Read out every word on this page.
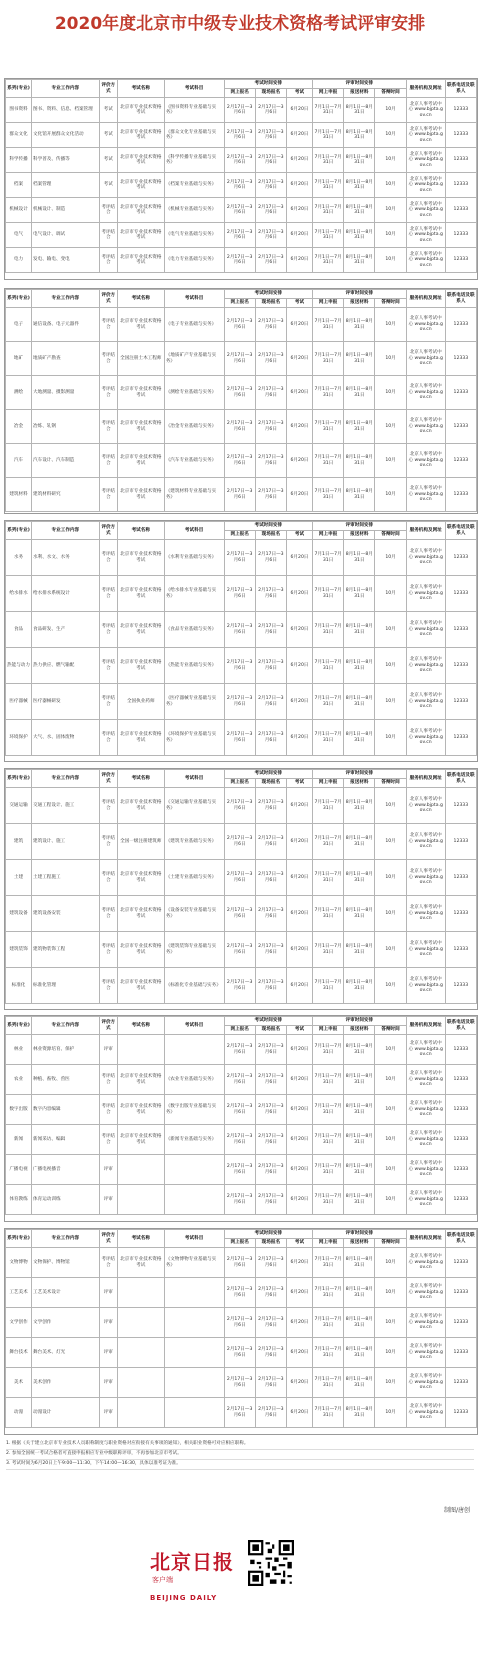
2020年度北京市中级专业技术资格考试评审安排
系列(专业)	专业工作内容	评价方式	考试名称	考试科目	考试时间安排			评审时间安排			服务机构及网址	联系电话及联系人
					网上报名	现场报名	考试	网上申报	报送材料	答辩时间		
图书资料	图书、资料、信息、档案管理	考试	北京市专业技术资格考试	《图书资料专业基础与实务》	2月17日—3月6日	2月17日—3月6日	6月20日	7月1日—7月31日	8月1日—8月31日	10月	北京人事考试中心 www.bjpta.gov.cn	12333
群众文化	文化馆开展群众文化活动	考试	北京市专业技术资格考试	《群众文化专业基础与实务》	2月17日—3月6日	2月17日—3月6日	6月20日	7月1日—7月31日	8月1日—8月31日	10月	北京人事考试中心 www.bjpta.gov.cn	12333
科学传播	科学普及、传播等	考试	北京市专业技术资格考试	《科学传播专业基础与实务》	2月17日—3月6日	2月17日—3月6日	6月20日	7月1日—7月31日	8月1日—8月31日	10月	北京人事考试中心 www.bjpta.gov.cn	12333
档案	档案管理	考试	北京市专业技术资格考试	《档案专业基础与实务》	2月17日—3月6日	2月17日—3月6日	6月20日	7月1日—7月31日	8月1日—8月31日	10月	北京人事考试中心 www.bjpta.gov.cn	12333
机械设计	机械设计、制造	考评结合	北京市专业技术资格考试	《机械专业基础与实务》	2月17日—3月6日	2月17日—3月6日	6月20日	7月1日—7月31日	8月1日—8月31日	10月	北京人事考试中心 www.bjpta.gov.cn	12333
电气	电气设计、调试	考评结合	北京市专业技术资格考试	《电气专业基础与实务》	2月17日—3月6日	2月17日—3月6日	6月20日	7月1日—7月31日	8月1日—8月31日	10月	北京人事考试中心 www.bjpta.gov.cn	12333
电力	发电、输电、变电	考评结合	北京市专业技术资格考试	《电力专业基础与实务》	2月17日—3月6日	2月17日—3月6日	6月20日	7月1日—7月31日	8月1日—8月31日	10月	北京人事考试中心 www.bjpta.gov.cn	12333
系列(专业)	专业工作内容	评价方式	考试名称	考试科目	考试时间安排			评审时间安排			服务机构及网址	联系电话及联系人
					网上报名	现场报名	考试	网上申报	报送材料	答辩时间		
电子	通信设备、电子元器件	考评结合	北京市专业技术资格考试	《电子专业基础与实务》	2月17日—3月6日	2月17日—3月6日	6月20日	7月1日—7月31日	8月1日—8月31日	10月	北京人事考试中心 www.bjpta.gov.cn	12333
地矿	地质矿产勘查	考评结合	全国注册土木工程师	《地质矿产专业基础与实务》	2月17日—3月6日	2月17日—3月6日	6月20日	7月1日—7月31日	8月1日—8月31日	10月	北京人事考试中心 www.bjpta.gov.cn	12333
测绘	大地测量、摄影测量	考评结合	北京市专业技术资格考试	《测绘专业基础与实务》	2月17日—3月6日	2月17日—3月6日	6月20日	7月1日—7月31日	8月1日—8月31日	10月	北京人事考试中心 www.bjpta.gov.cn	12333
冶金	冶炼、轧钢	考评结合	北京市专业技术资格考试	《冶金专业基础与实务》	2月17日—3月6日	2月17日—3月6日	6月20日	7月1日—7月31日	8月1日—8月31日	10月	北京人事考试中心 www.bjpta.gov.cn	12333
汽车	汽车设计、汽车制造	考评结合	北京市专业技术资格考试	《汽车专业基础与实务》	2月17日—3月6日	2月17日—3月6日	6月20日	7月1日—7月31日	8月1日—8月31日	10月	北京人事考试中心 www.bjpta.gov.cn	12333
建筑材料	建筑材料研究	考评结合	北京市专业技术资格考试	《建筑材料专业基础与实务》	2月17日—3月6日	2月17日—3月6日	6月20日	7月1日—7月31日	8月1日—8月31日	10月	北京人事考试中心 www.bjpta.gov.cn	12333
系列(专业)	专业工作内容	评价方式	考试名称	考试科目	考试时间安排			评审时间安排			服务机构及网址	联系电话及联系人
					网上报名	现场报名	考试	网上申报	报送材料	答辩时间		
水务	水利、水文、水务	考评结合	北京市专业技术资格考试	《水利专业基础与实务》	2月17日—3月6日	2月17日—3月6日	6月20日	7月1日—7月31日	8月1日—8月31日	10月	北京人事考试中心 www.bjpta.gov.cn	12333
给水排水	给水排水系统设计	考评结合	北京市专业技术资格考试	《给水排水专业基础与实务》	2月17日—3月6日	2月17日—3月6日	6月20日	7月1日—7月31日	8月1日—8月31日	10月	北京人事考试中心 www.bjpta.gov.cn	12333
食品	食品研发、生产	考评结合	北京市专业技术资格考试	《食品专业基础与实务》	2月17日—3月6日	2月17日—3月6日	6月20日	7月1日—7月31日	8月1日—8月31日	10月	北京人事考试中心 www.bjpta.gov.cn	12333
热能与动力	热力供应、燃气输配	考评结合	北京市专业技术资格考试	《热能专业基础与实务》	2月17日—3月6日	2月17日—3月6日	6月20日	7月1日—7月31日	8月1日—8月31日	10月	北京人事考试中心 www.bjpta.gov.cn	12333
医疗器械	医疗器械研发	考评结合	全国执业药师	《医疗器械专业基础与实务》	2月17日—3月6日	2月17日—3月6日	6月20日	7月1日—7月31日	8月1日—8月31日	10月	北京人事考试中心 www.bjpta.gov.cn	12333
环境保护	大气、水、固体废物	考评结合	北京市专业技术资格考试	《环境保护专业基础与实务》	2月17日—3月6日	2月17日—3月6日	6月20日	7月1日—7月31日	8月1日—8月31日	10月	北京人事考试中心 www.bjpta.gov.cn	12333
系列(专业)	专业工作内容	评价方式	考试名称	考试科目	考试时间安排			评审时间安排			服务机构及网址	联系电话及联系人
					网上报名	现场报名	考试	网上申报	报送材料	答辩时间		
交通运输	交通工程设计、施工	考评结合	北京市专业技术资格考试	《交通运输专业基础与实务》	2月17日—3月6日	2月17日—3月6日	6月20日	7月1日—7月31日	8月1日—8月31日	10月	北京人事考试中心 www.bjpta.gov.cn	12333
建筑	建筑设计、施工	考评结合	全国一级注册建筑师	《建筑专业基础与实务》	2月17日—3月6日	2月17日—3月6日	6月20日	7月1日—7月31日	8月1日—8月31日	10月	北京人事考试中心 www.bjpta.gov.cn	12333
土建	土建工程施工	考评结合	北京市专业技术资格考试	《土建专业基础与实务》	2月17日—3月6日	2月17日—3月6日	6月20日	7月1日—7月31日	8月1日—8月31日	10月	北京人事考试中心 www.bjpta.gov.cn	12333
建筑设备	建筑设备安装	考评结合	北京市专业技术资格考试	《设备安装专业基础与实务》	2月17日—3月6日	2月17日—3月6日	6月20日	7月1日—7月31日	8月1日—8月31日	10月	北京人事考试中心 www.bjpta.gov.cn	12333
建筑装饰	建筑物装饰工程	考评结合	北京市专业技术资格考试	《建筑装饰专业基础与实务》	2月17日—3月6日	2月17日—3月6日	6月20日	7月1日—7月31日	8月1日—8月31日	10月	北京人事考试中心 www.bjpta.gov.cn	12333
标准化	标准化管理	考评结合	北京市专业技术资格考试	《标准化专业基础与实务》	2月17日—3月6日	2月17日—3月6日	6月20日	7月1日—7月31日	8月1日—8月31日	10月	北京人事考试中心 www.bjpta.gov.cn	12333
系列(专业)	专业工作内容	评价方式	考试名称	考试科目	考试时间安排			评审时间安排			服务机构及网址	联系电话及联系人
					网上报名	现场报名	考试	网上申报	报送材料	答辩时间		
林业	林业资源培育、保护	评审			2月17日—3月6日	2月17日—3月6日	6月20日	7月1日—7月31日	8月1日—8月31日	10月	北京人事考试中心 www.bjpta.gov.cn	12333
农业	种植、畜牧、兽医	考评结合	北京市专业技术资格考试	《农业专业基础与实务》	2月17日—3月6日	2月17日—3月6日	6月20日	7月1日—7月31日	8月1日—8月31日	10月	北京人事考试中心 www.bjpta.gov.cn	12333
数字出版	数字内容编辑	考评结合	北京市专业技术资格考试	《数字出版专业基础与实务》	2月17日—3月6日	2月17日—3月6日	6月20日	7月1日—7月31日	8月1日—8月31日	10月	北京人事考试中心 www.bjpta.gov.cn	12333
新闻	新闻采访、编辑	考评结合	北京市专业技术资格考试	《新闻专业基础与实务》	2月17日—3月6日	2月17日—3月6日	6月20日	7月1日—7月31日	8月1日—8月31日	10月	北京人事考试中心 www.bjpta.gov.cn	12333
广播电视	广播电视播音	评审			2月17日—3月6日	2月17日—3月6日	6月20日	7月1日—7月31日	8月1日—8月31日	10月	北京人事考试中心 www.bjpta.gov.cn	12333
体育教练	体育运动训练	评审			2月17日—3月6日	2月17日—3月6日	6月20日	7月1日—7月31日	8月1日—8月31日	10月	北京人事考试中心 www.bjpta.gov.cn	12333
系列(专业)	专业工作内容	评价方式	考试名称	考试科目	考试时间安排			评审时间安排			服务机构及网址	联系电话及联系人
					网上报名	现场报名	考试	网上申报	报送材料	答辩时间		
文物博物	文物保护、博物馆	考评结合	北京市专业技术资格考试	《文物博物专业基础与实务》	2月17日—3月6日	2月17日—3月6日	6月20日	7月1日—7月31日	8月1日—8月31日	10月	北京人事考试中心 www.bjpta.gov.cn	12333
工艺美术	工艺美术设计	评审			2月17日—3月6日	2月17日—3月6日	6月20日	7月1日—7月31日	8月1日—8月31日	10月	北京人事考试中心 www.bjpta.gov.cn	12333
文学创作	文学创作	评审			2月17日—3月6日	2月17日—3月6日	6月20日	7月1日—7月31日	8月1日—8月31日	10月	北京人事考试中心 www.bjpta.gov.cn	12333
舞台技术	舞台美术、灯光	评审			2月17日—3月6日	2月17日—3月6日	6月20日	7月1日—7月31日	8月1日—8月31日	10月	北京人事考试中心 www.bjpta.gov.cn	12333
美术	美术创作	评审			2月17日—3月6日	2月17日—3月6日	6月20日	7月1日—7月31日	8月1日—8月31日	10月	北京人事考试中心 www.bjpta.gov.cn	12333
动漫	动漫设计	评审			2月17日—3月6日	2月17日—3月6日	6月20日	7月1日—7月31日	8月1日—8月31日	10月	北京人事考试中心 www.bjpta.gov.cn	12333
1. 根据《关于建立北京市专业技术人员职称制度与职业资格对应衔接有关事项的通知》，相关职业资格可对应相应职称。
2. 参加全国统一考试合格者可直接申报相应专业中级职称评审，不再参加北京市考试。
3. 考试时间为6月20日上午9:00—11:30，下午14:00—16:30，具体以准考证为准。
制图/唐创
北京日报$^{客户端}$
BEIJING DAILY
